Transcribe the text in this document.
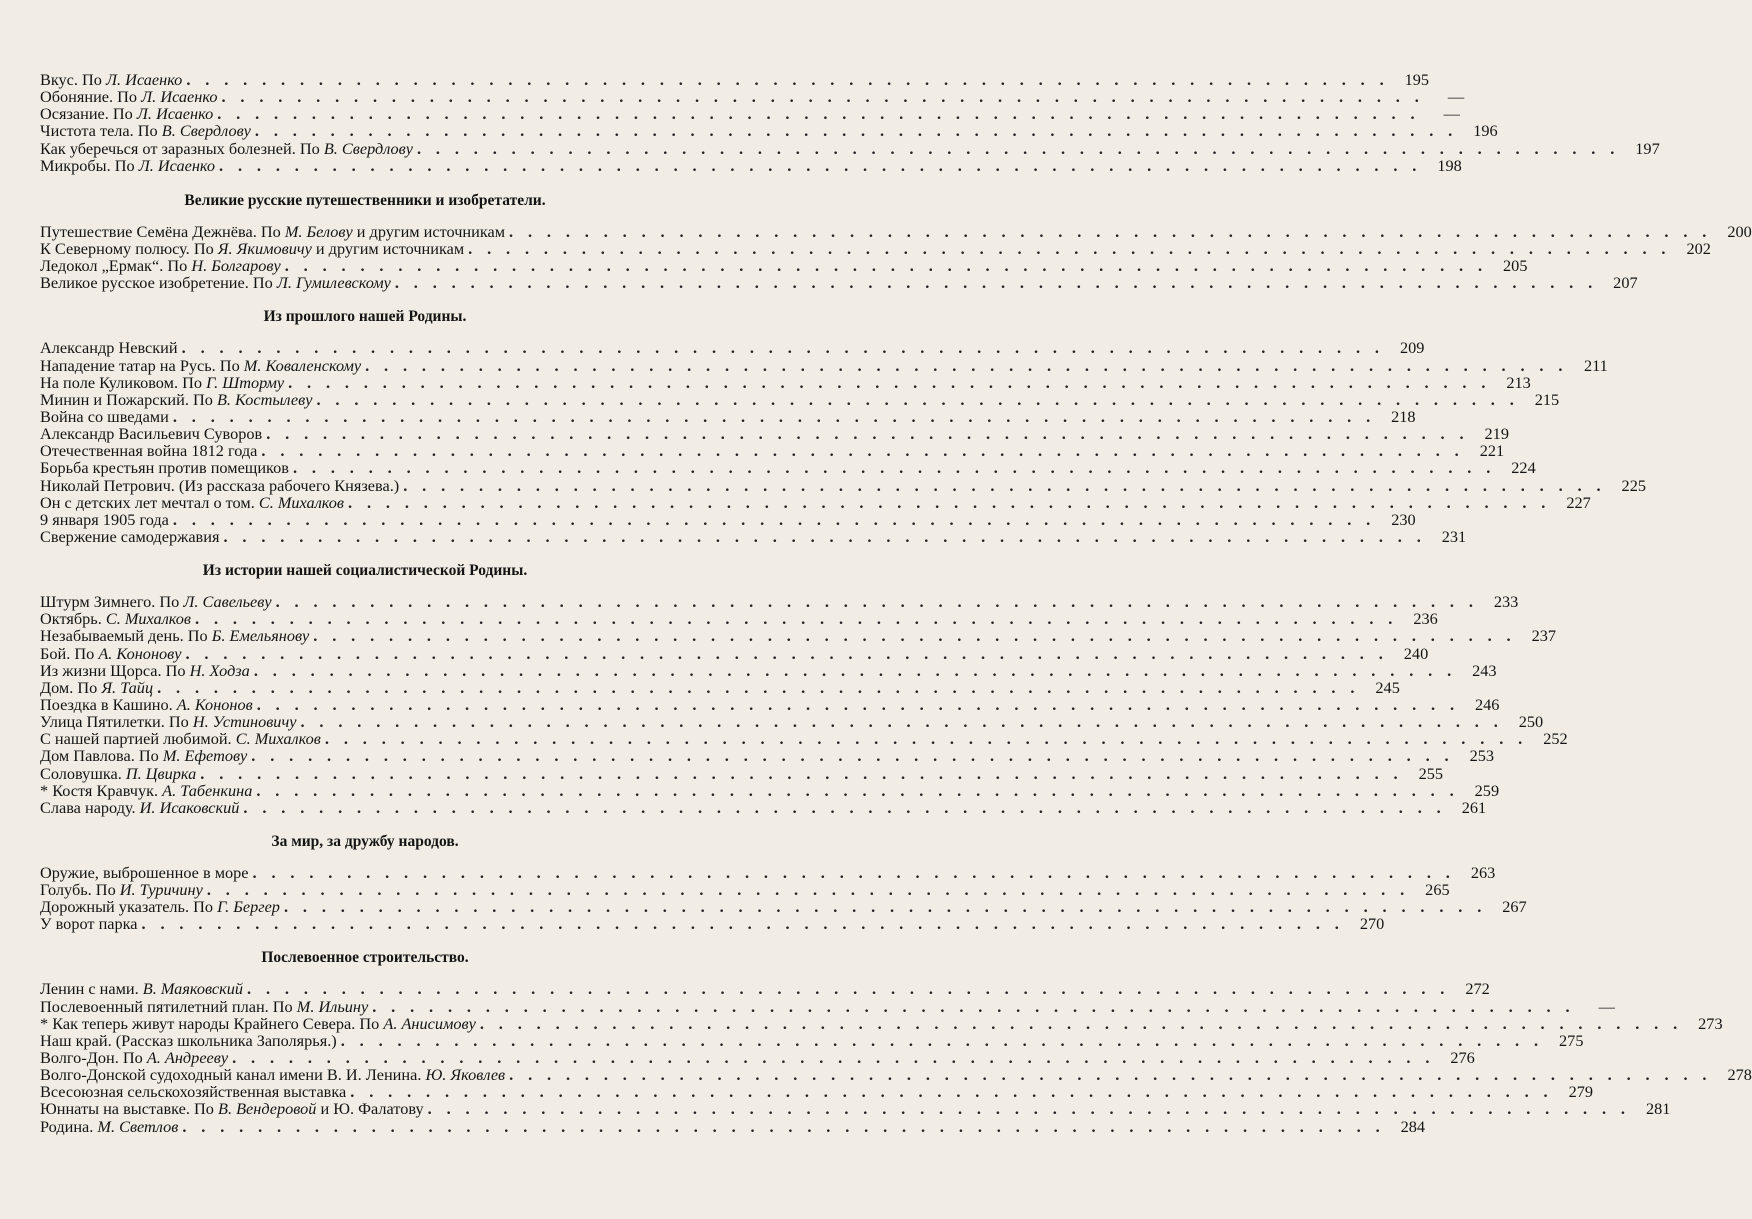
Вкус. По Л. Исаенко . . .	195
Обоняние. По Л. Исаенко . . .	—
Осязание. По Л. Исаенко . . .	—
Чистота тела. По В. Свердлову . . .	196
Как уберечься от заразных болезней. По В. Свердлову . . .	197
Микробы. По Л. Исаенко . . .	198
Великие русские путешественники и изобретатели.
Путешествие Семёна Дежнёва. По М. Белову и другим источникам . . .	200
К Северному полюсу. По Я. Якимовичу и другим источникам . . .	202
Ледокол „Ермак“. По Н. Болгарову . . .	205
Великое русское изобретение. По Л. Гумилевскому . . .	207
Из прошлого нашей Родины.
Александр Невский . . .	209
Нападение татар на Русь. По М. Коваленскому . . .	211
На поле Куликовом. По Г. Шторму . . .	213
Минин и Пожарский. По В. Костылеву . . .	215
Война со шведами . . .	218
Александр Васильевич Суворов . . .	219
Отечественная война 1812 года . . .	221
Борьба крестьян против помещиков . . .	224
Николай Петрович. (Из рассказа рабочего Князева.) . . .	225
Он с детских лет мечтал о том. С. Михалков . . .	227
9 января 1905 года . . .	230
Свержение самодержавия . . .	231
Из истории нашей социалистической Родины.
Штурм Зимнего. По Л. Савельеву . . .	233
Октябрь. С. Михалков . . .	236
Незабываемый день. По Б. Емельянову . . .	237
Бой. По А. Кононову . . .	240
Из жизни Щорса. По Н. Ходза . . .	243
Дом. По Я. Тайц . . .	245
Поездка в Кашино. А. Кононов . . .	246
Улица Пятилетки. По Н. Устиновичу . . .	250
С нашей партией любимой. С. Михалков . . .	252
Дом Павлова. По М. Ефетову . . .	253
Соловушка. П. Цвирка . . .	255
* Костя Кравчук. А. Табенкина . . .	259
Слава народу. И. Исаковский . . .	261
За мир, за дружбу народов.
Оружие, выброшенное в море . . .	263
Голубь. По И. Туричину . . .	265
Дорожный указатель. По Г. Бергер . . .	267
У ворот парка . . .	270
Послевоенное строительство.
Ленин с нами. В. Маяковский . . .	272
Послевоенный пятилетний план. По М. Ильину . . .	—
* Как теперь живут народы Крайнего Севера. По А. Анисимову . . .	273
Наш край. (Рассказ школьника Заполярья.) . . .	275
Волго-Дон. По А. Андрееву . . .	276
Волго-Донской судоходный канал имени В. И. Ленина. Ю. Яковлев . . .	278
Всесоюзная сельскохозяйственная выставка . . .	279
Юннаты на выставке. По В. Вендеровой и Ю. Фалатову . . .	281
Родина. М. Светлов . . .	284
